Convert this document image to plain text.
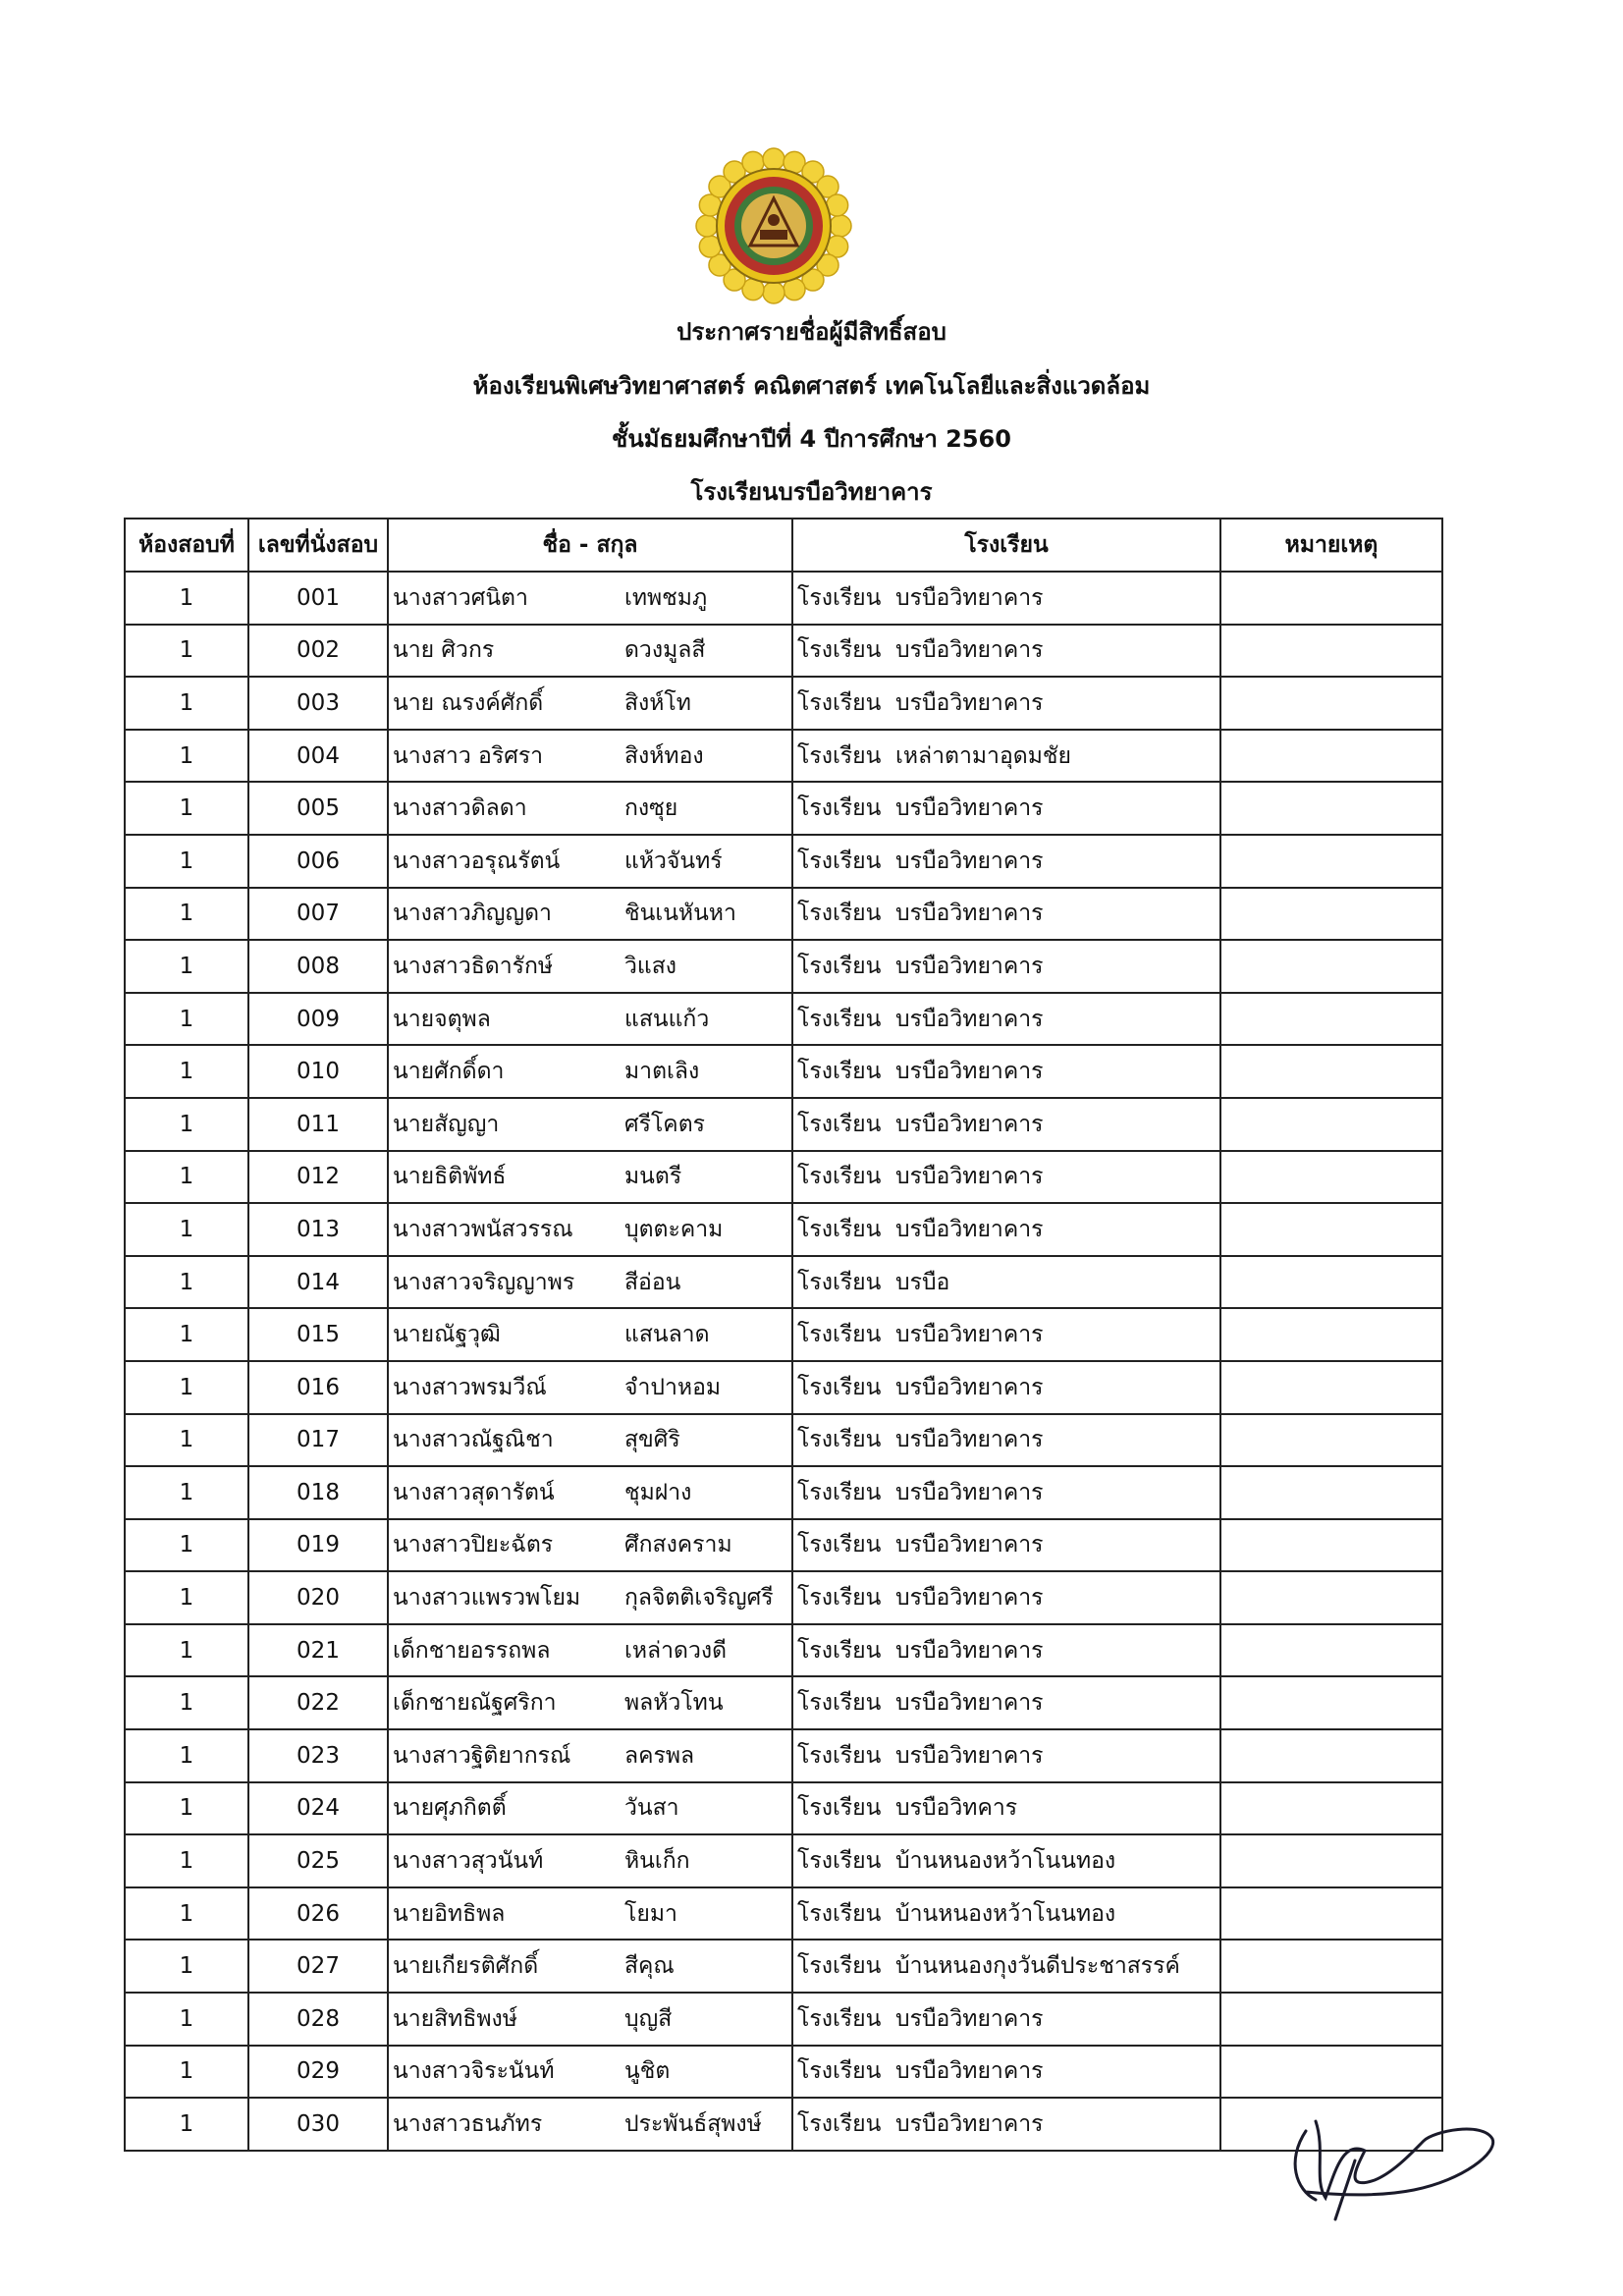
ประกาศรายชื่อผู้มีสิทธิ์สอบ
ห้องเรียนพิเศษวิทยาศาสตร์ คณิตศาสตร์ เทคโนโลยีและสิ่งแวดล้อม
ชั้นมัธยมศึกษาปีที่ 4 ปีการศึกษา 2560
โรงเรียนบรบือวิทยาคาร
ห้องสอบที่	เลขที่นั่งสอบ	ชื่อ - สกุล	โรงเรียน	หมายเหตุ
1	001	นางสาวศนิตา เทพชมภู	โรงเรียน บรบือวิทยาคาร	
1	002	นาย ศิวกร ดวงมูลสี	โรงเรียน บรบือวิทยาคาร	
1	003	นาย ณรงค์ศักดิ์ สิงห์โท	โรงเรียน บรบือวิทยาคาร	
1	004	นางสาว อริศรา สิงห์ทอง	โรงเรียน เหล่าตามาอุดมชัย	
1	005	นางสาวดิลดา กงซุย	โรงเรียน บรบือวิทยาคาร	
1	006	นางสาวอรุณรัตน์ แห้วจันทร์	โรงเรียน บรบือวิทยาคาร	
1	007	นางสาวภิญญดา ชินเนหันหา	โรงเรียน บรบือวิทยาคาร	
1	008	นางสาวธิดารักษ์ วิแสง	โรงเรียน บรบือวิทยาคาร	
1	009	นายจตุพล แสนแก้ว	โรงเรียน บรบือวิทยาคาร	
1	010	นายศักดิ์ดา มาตเลิง	โรงเรียน บรบือวิทยาคาร	
1	011	นายสัญญา ศรีโคตร	โรงเรียน บรบือวิทยาคาร	
1	012	นายธิติพัทธ์ มนตรี	โรงเรียน บรบือวิทยาคาร	
1	013	นางสาวพนัสวรรณ บุตตะคาม	โรงเรียน บรบือวิทยาคาร	
1	014	นางสาวจริญญาพร สีอ่อน	โรงเรียน บรบือ	
1	015	นายณัฐวุฒิ แสนลาด	โรงเรียน บรบือวิทยาคาร	
1	016	นางสาวพรมวีณ์ จำปาหอม	โรงเรียน บรบือวิทยาคาร	
1	017	นางสาวณัฐณิชา สุขศิริ	โรงเรียน บรบือวิทยาคาร	
1	018	นางสาวสุดารัตน์ ชุมฝาง	โรงเรียน บรบือวิทยาคาร	
1	019	นางสาวปิยะฉัตร ศึกสงคราม	โรงเรียน บรบือวิทยาคาร	
1	020	นางสาวแพรวพโยม กุลจิตติเจริญศรี	โรงเรียน บรบือวิทยาคาร	
1	021	เด็กชายอรรถพล เหล่าดวงดี	โรงเรียน บรบือวิทยาคาร	
1	022	เด็กชายณัฐศริกา พลหัวโทน	โรงเรียน บรบือวิทยาคาร	
1	023	นางสาวฐิติยากรณ์ ลครพล	โรงเรียน บรบือวิทยาคาร	
1	024	นายศุภกิตติ์ วันสา	โรงเรียน บรบือวิทคาร	
1	025	นางสาวสุวนันท์ หินเก็ก	โรงเรียน บ้านหนองหว้าโนนทอง	
1	026	นายอิทธิพล โยมา	โรงเรียน บ้านหนองหว้าโนนทอง	
1	027	นายเกียรติศักดิ์ สีคุณ	โรงเรียน บ้านหนองกุงวันดีประชาสรรค์	
1	028	นายสิทธิพงษ์ บุญสี	โรงเรียน บรบือวิทยาคาร	
1	029	นางสาวจิระนันท์ นูชิต	โรงเรียน บรบือวิทยาคาร	
1	030	นางสาวธนภัทร ประพันธ์สุพงษ์	โรงเรียน บรบือวิทยาคาร	
